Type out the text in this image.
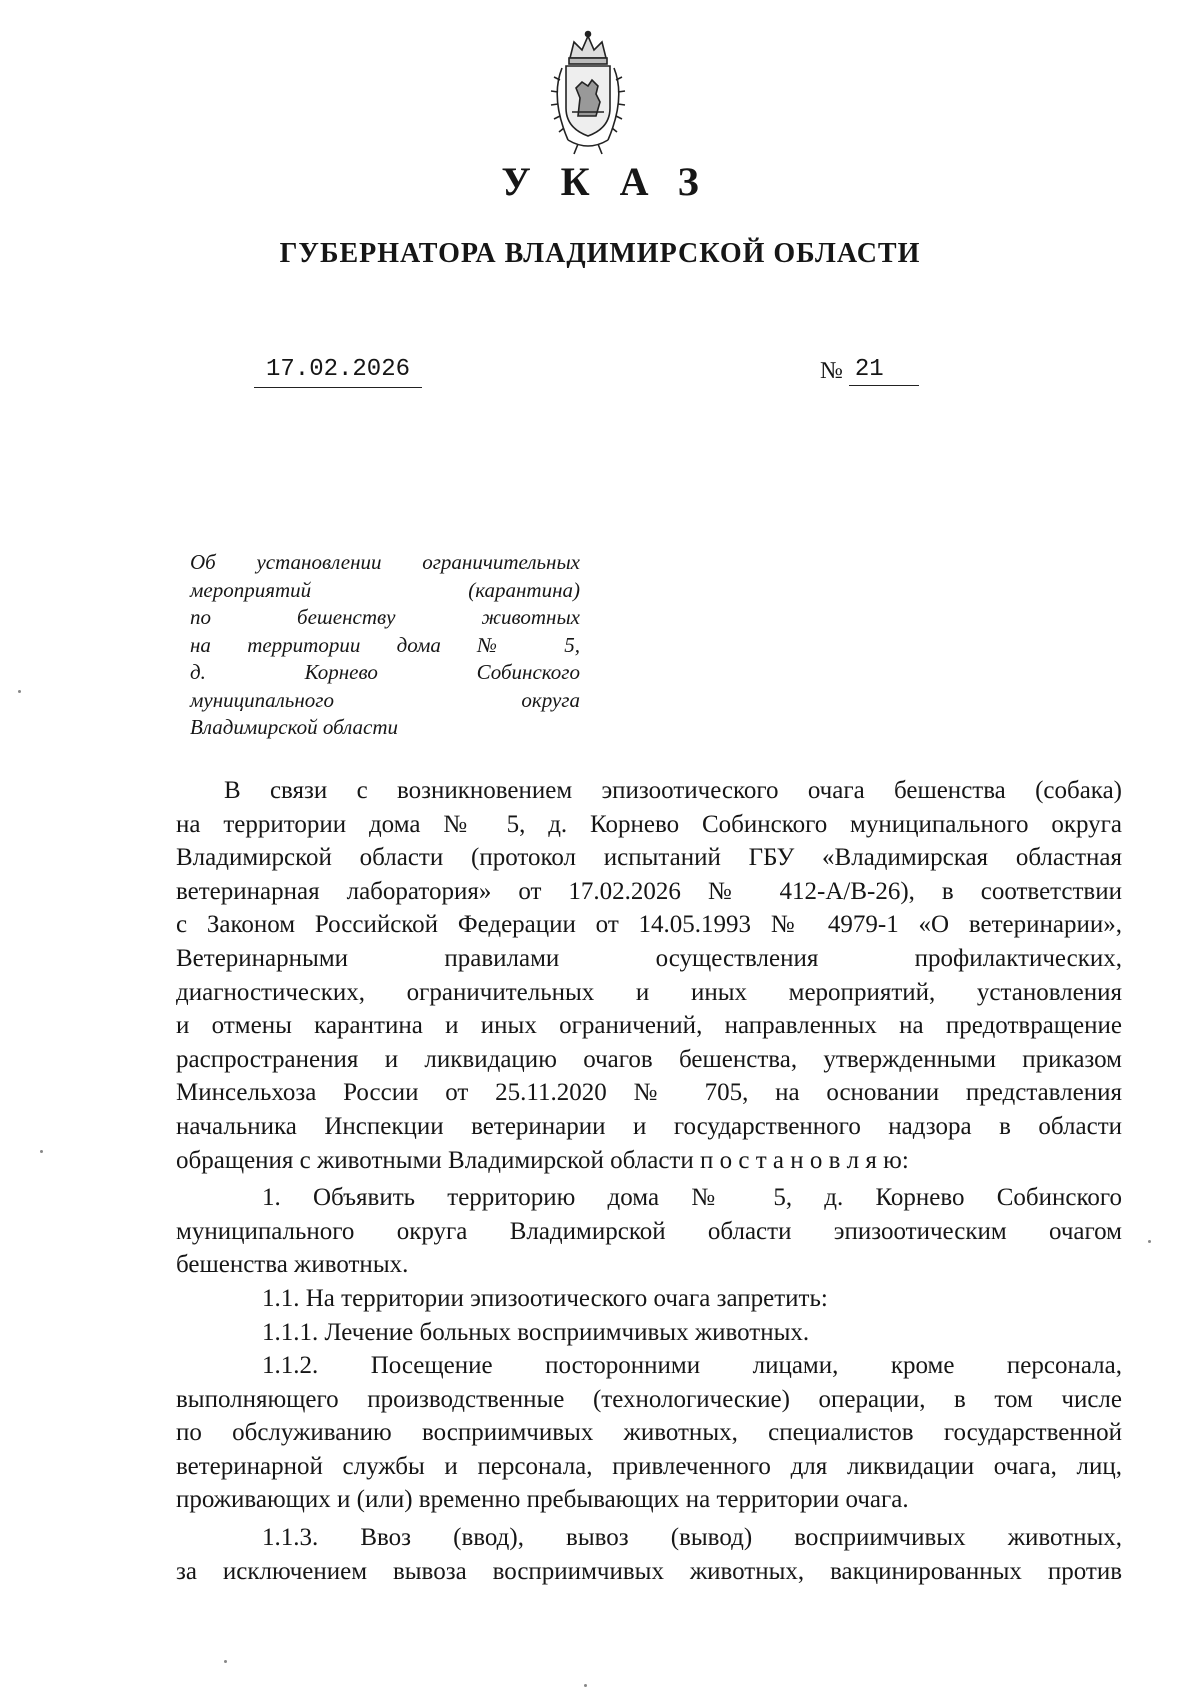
УКАЗ
ГУБЕРНАТОРА ВЛАДИМИРСКОЙ ОБЛАСТИ
17.02.2026	№ 21
Об установлении ограничительных
мероприятий (карантина)
по бешенству животных
на территории дома № 5,
д. Корнево Собинского
муниципального округа
Владимирской области
В связи с возникновением эпизоотического очага бешенства (собака)
на территории дома № 5, д. Корнево Собинского муниципального округа
Владимирской области (протокол испытаний ГБУ «Владимирская областная
ветеринарная лаборатория» от 17.02.2026 № 412-А/В-26), в соответствии
с Законом Российской Федерации от 14.05.1993 № 4979-1 «О ветеринарии»,
Ветеринарными правилами осуществления профилактических,
диагностических, ограничительных и иных мероприятий, установления
и отмены карантина и иных ограничений, направленных на предотвращение
распространения и ликвидацию очагов бешенства, утвержденными приказом
Минсельхоза России от 25.11.2020 № 705, на основании представления
начальника Инспекции ветеринарии и государственного надзора в области
обращения с животными Владимирской области п о с т а н о в л я ю:
1. Объявить территорию дома № 5, д. Корнево Собинского
муниципального округа Владимирской области эпизоотическим очагом
бешенства животных.
1.1. На территории эпизоотического очага запретить:
1.1.1. Лечение больных восприимчивых животных.
1.1.2. Посещение посторонними лицами, кроме персонала,
выполняющего производственные (технологические) операции, в том числе
по обслуживанию восприимчивых животных, специалистов государственной
ветеринарной службы и персонала, привлеченного для ликвидации очага, лиц,
проживающих и (или) временно пребывающих на территории очага.
1.1.3. Ввоз (ввод), вывоз (вывод) восприимчивых животных,
за исключением вывоза восприимчивых животных, вакцинированных против
